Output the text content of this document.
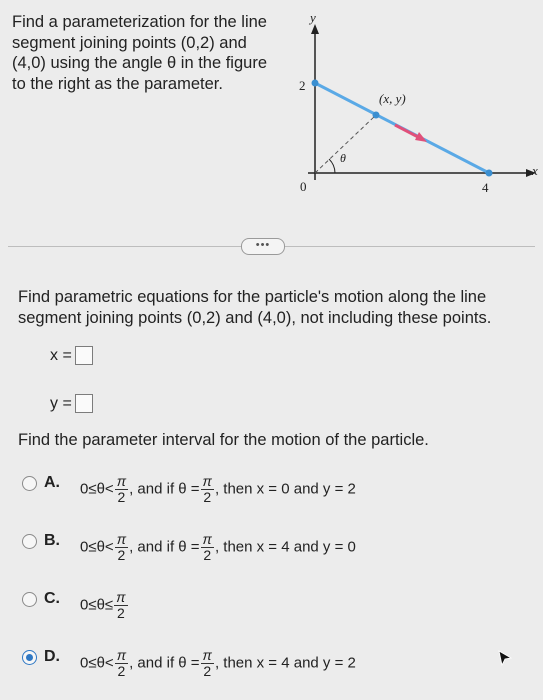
Find a parameterization for the line segment joining points (0,2) and (4,0) using the angle θ in the figure to the right as the parameter.
y
x
2
0	4
θ
(x, y)
•••
Find parametric equations for the particle's motion along the line segment joining points (0,2) and (4,0), not including these points.
x =
y =
Find the parameter interval for the motion of the particle.
A. $0\le\theta< \frac{\pi}{2}$ , and if $\theta = \frac{\pi}{2}$ , then x = 0 and y = 2
B. $0\le\theta< \frac{\pi}{2}$ , and if $\theta = \frac{\pi}{2}$ , then x = 4 and y = 0
C. $0\le\theta\le \frac{\pi}{2}$
D. $0\le\theta< \frac{\pi}{2}$ , and if $\theta = \frac{\pi}{2}$ , then x = 4 and y = 2
